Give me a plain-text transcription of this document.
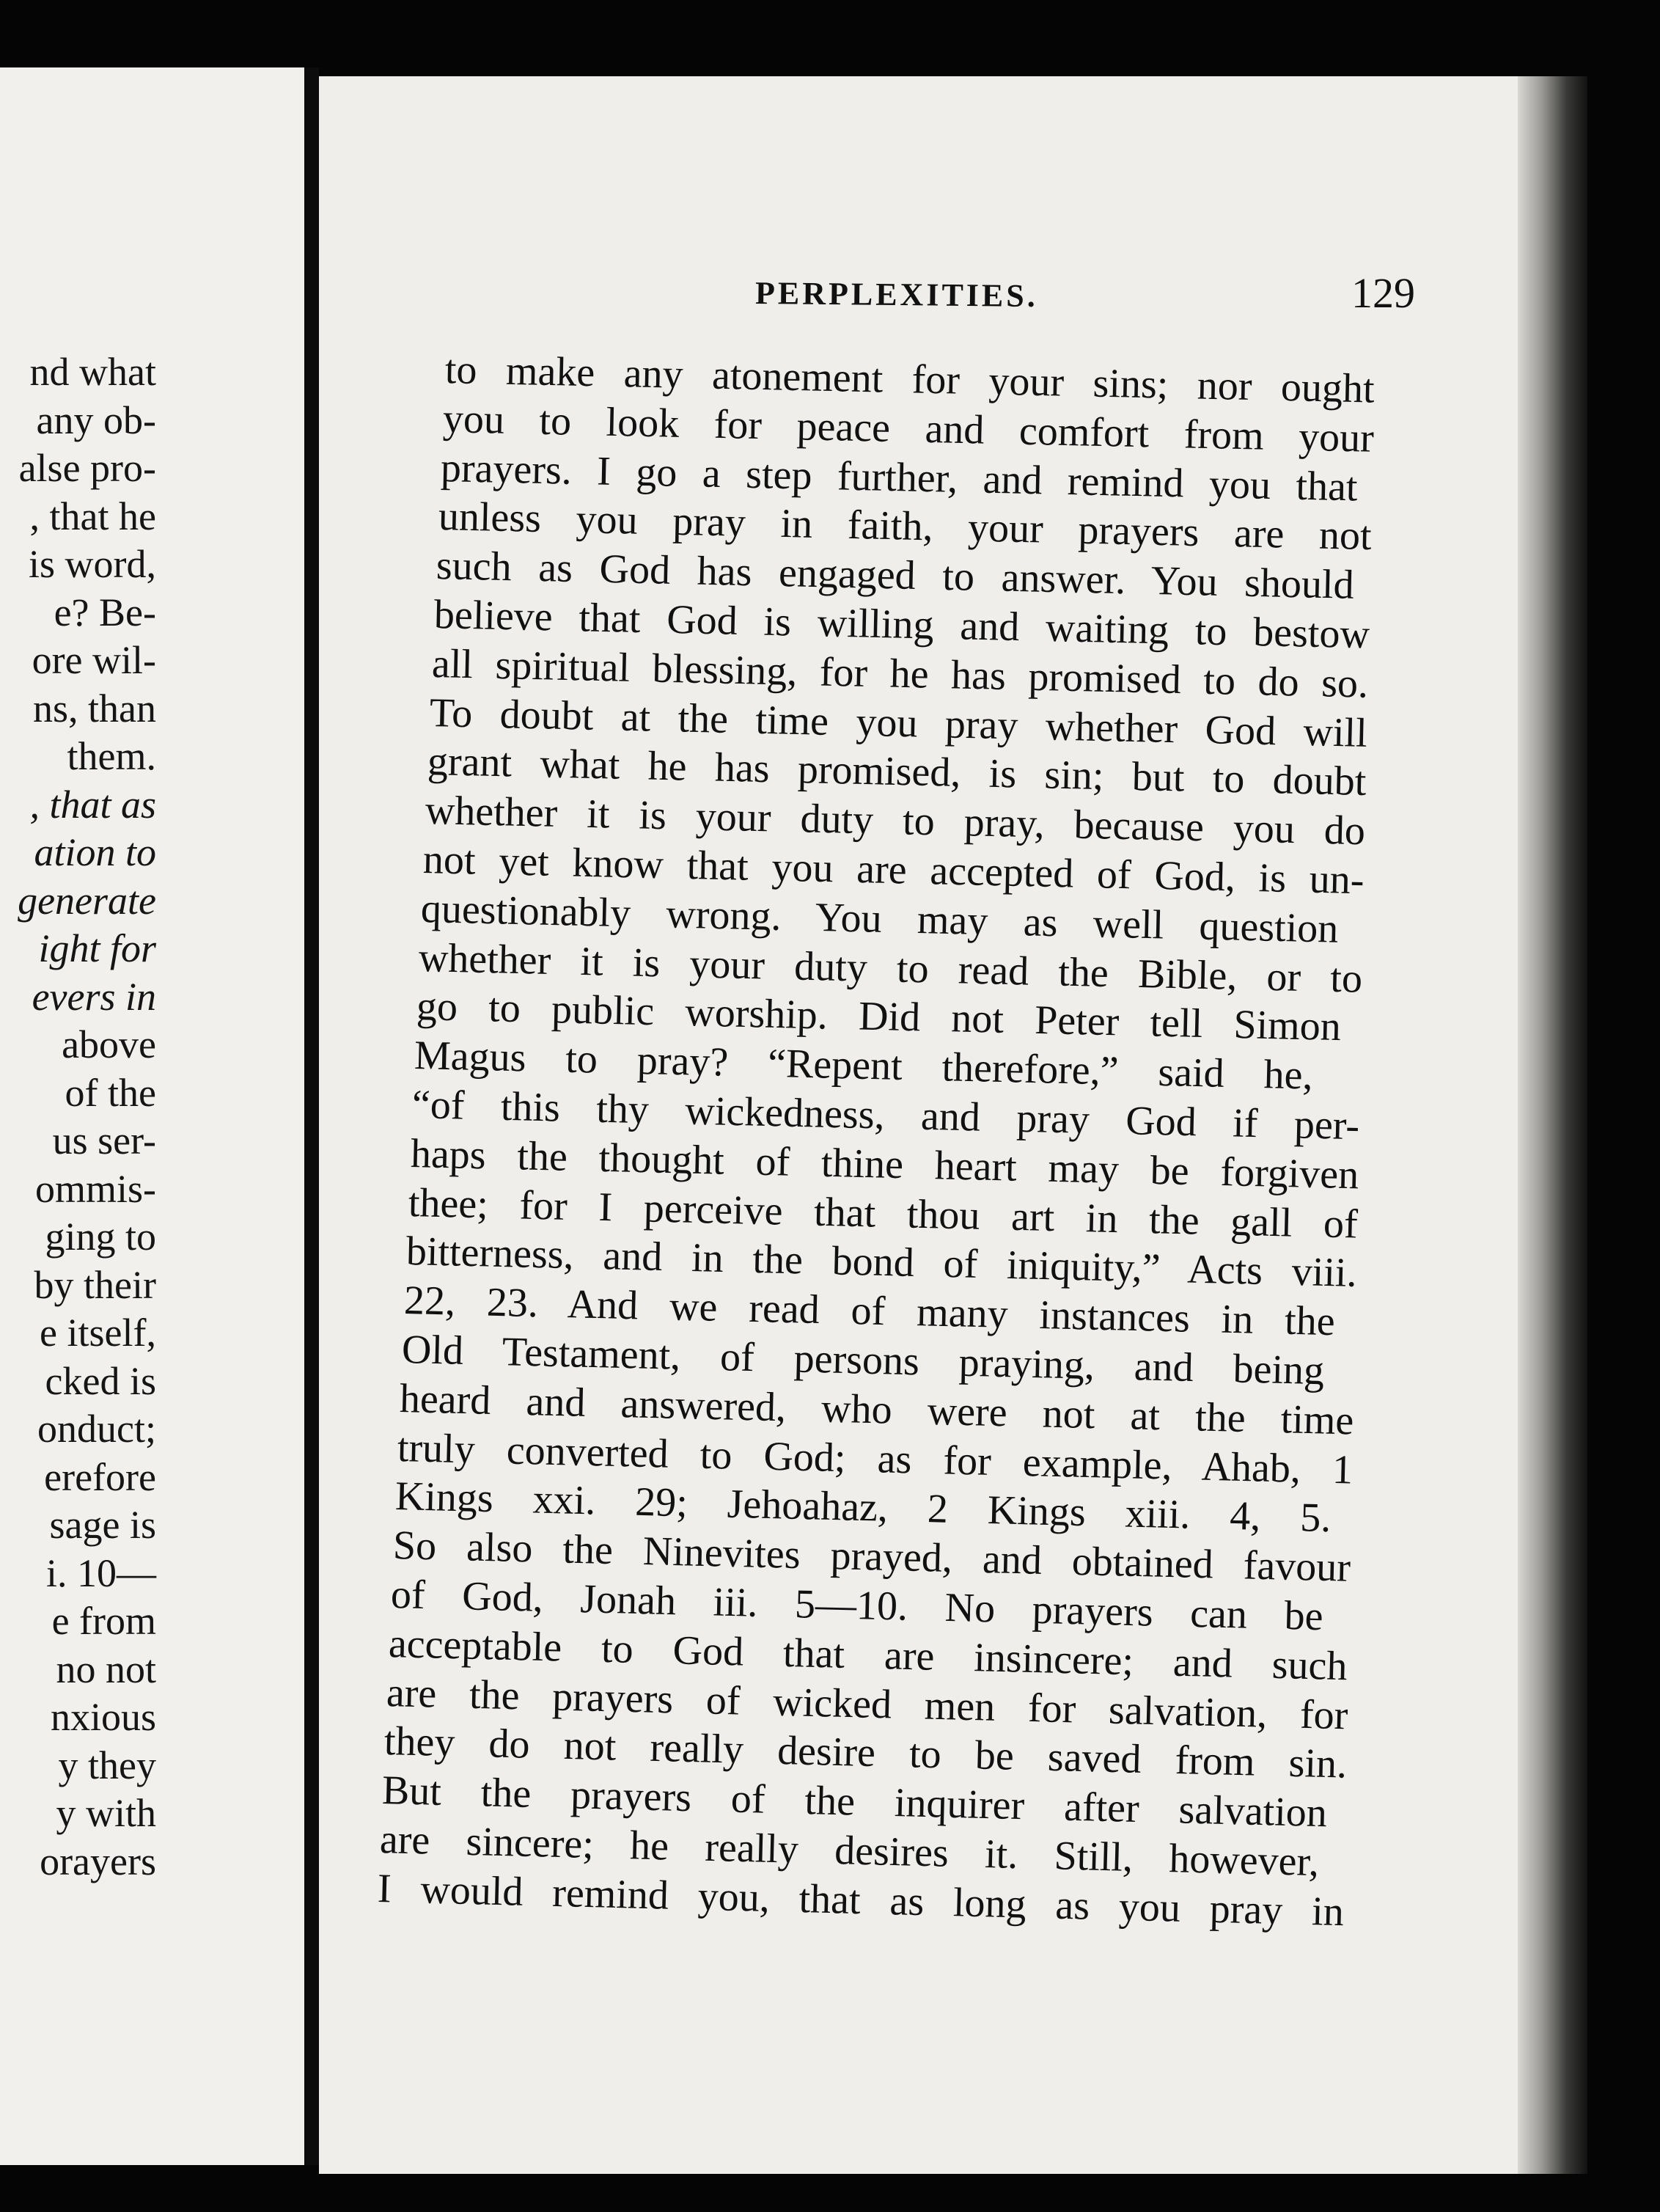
nd what
any ob-
alse pro-
, that he
is word,
e? Be-
ore wil-
ns, than
them.
, that as
ation to
generate
ight for
evers in
above
of the
us ser-
ommis-
ging to
by their
e itself,
cked is
onduct;
erefore
sage is
i. 10—
e from
no not
nxious
y they
y with
orayers
PERPLEXITIES.	129
to make any atonement for your sins; nor ought
you to look for peace and comfort from your
prayers. I go a step further, and remind you that
unless you pray in faith, your prayers are not
such as God has engaged to answer. You should
believe that God is willing and waiting to bestow
all spiritual blessing, for he has promised to do so.
To doubt at the time you pray whether God will
grant what he has promised, is sin; but to doubt
whether it is your duty to pray, because you do
not yet know that you are accepted of God, is un-
questionably wrong. You may as well question
whether it is your duty to read the Bible, or to
go to public worship. Did not Peter tell Simon
Magus to pray? “Repent therefore,” said he,
“of this thy wickedness, and pray God if per-
haps the thought of thine heart may be forgiven
thee; for I perceive that thou art in the gall of
bitterness, and in the bond of iniquity,” Acts viii.
22, 23. And we read of many instances in the
Old Testament, of persons praying, and being
heard and answered, who were not at the time
truly converted to God; as for example, Ahab, 1
Kings xxi. 29; Jehoahaz, 2 Kings xiii. 4, 5.
So also the Ninevites prayed, and obtained favour
of God, Jonah iii. 5—10. No prayers can be
acceptable to God that are insincere; and such
are the prayers of wicked men for salvation, for
they do not really desire to be saved from sin.
But the prayers of the inquirer after salvation
are sincere; he really desires it. Still, however,
I would remind you, that as long as you pray in
